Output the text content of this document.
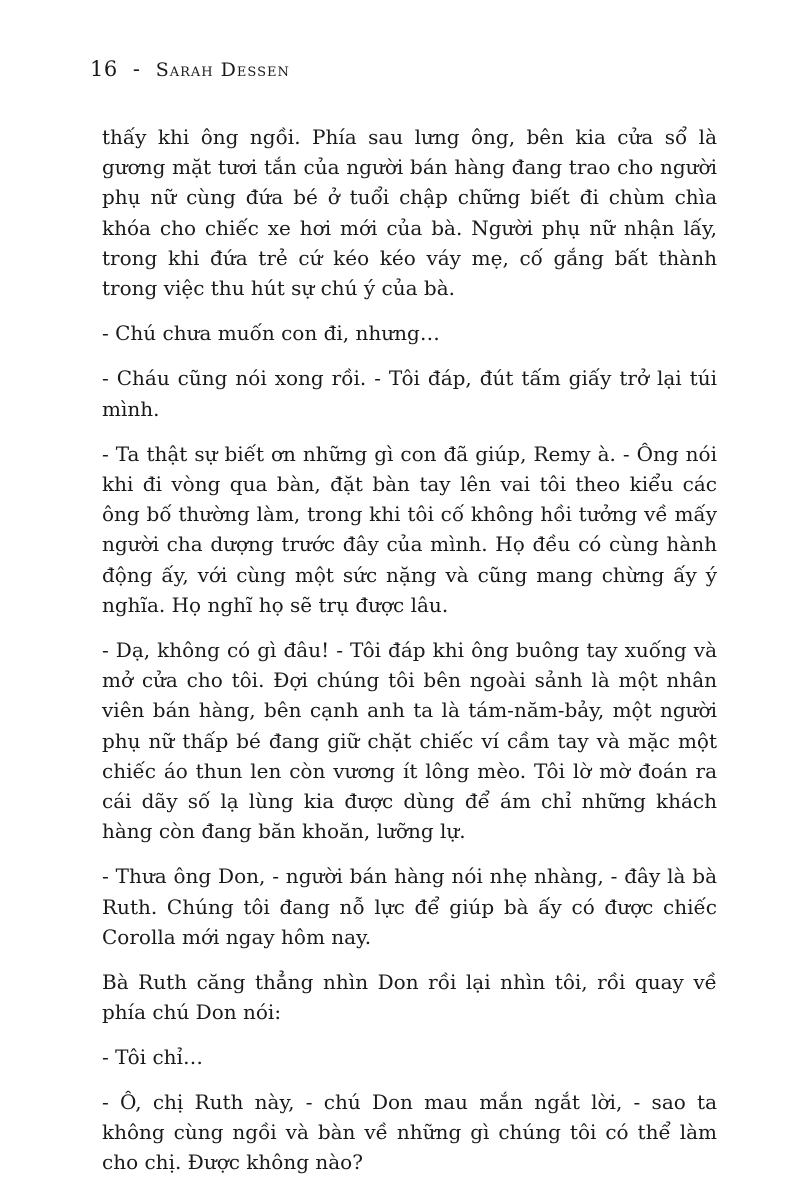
16 - Sarah Dessen

thấy khi ông ngồi. Phía sau lưng ông, bên kia cửa sổ là gương mặt tươi tắn của người bán hàng đang trao cho người phụ nữ cùng đứa bé ở tuổi chập chững biết đi chùm chìa khóa cho chiếc xe hơi mới của bà. Người phụ nữ nhận lấy, trong khi đứa trẻ cứ kéo kéo váy mẹ, cố gắng bất thành trong việc thu hút sự chú ý của bà.

- Chú chưa muốn con đi, nhưng…

- Cháu cũng nói xong rồi. - Tôi đáp, đút tấm giấy trở lại túi mình.

- Ta thật sự biết ơn những gì con đã giúp, Remy à. - Ông nói khi đi vòng qua bàn, đặt bàn tay lên vai tôi theo kiểu các ông bố thường làm, trong khi tôi cố không hồi tưởng về mấy người cha dượng trước đây của mình. Họ đều có cùng hành động ấy, với cùng một sức nặng và cũng mang chừng ấy ý nghĩa. Họ nghĩ họ sẽ trụ được lâu.

- Dạ, không có gì đâu! - Tôi đáp khi ông buông tay xuống và mở cửa cho tôi. Đợi chúng tôi bên ngoài sảnh là một nhân viên bán hàng, bên cạnh anh ta là tám-năm-bảy, một người phụ nữ thấp bé đang giữ chặt chiếc ví cầm tay và mặc một chiếc áo thun len còn vương ít lông mèo. Tôi lờ mờ đoán ra cái dãy số lạ lùng kia được dùng để ám chỉ những khách hàng còn đang băn khoăn, lưỡng lự.

- Thưa ông Don, - người bán hàng nói nhẹ nhàng, - đây là bà Ruth. Chúng tôi đang nỗ lực để giúp bà ấy có được chiếc Corolla mới ngay hôm nay.

Bà Ruth căng thẳng nhìn Don rồi lại nhìn tôi, rồi quay về phía chú Don nói:

- Tôi chỉ…

- Ô, chị Ruth này, - chú Don mau mắn ngắt lời, - sao ta không cùng ngồi và bàn về những gì chúng tôi có thể làm cho chị. Được không nào?
